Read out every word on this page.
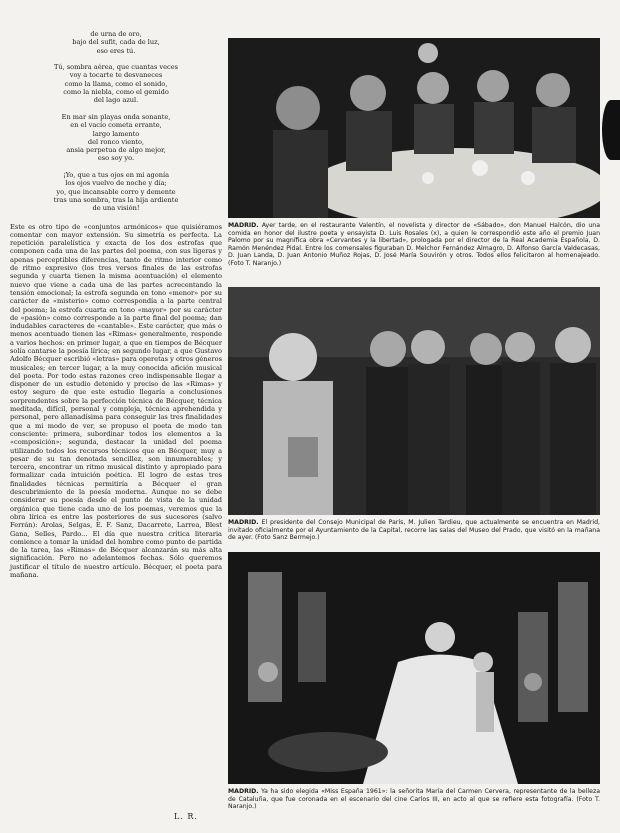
de urna de oro,
bajo del sufit, cada de luz,
eso eres tú.

Tú, sombra aérea, que cuantas veces
voy a tocarte te desvaneces
como la llama, como el sonido,
como la niebla, como el gemido
del lago azul.

En mar sin playas onda sonante,
en el vacío cometa errante,
largo lamento
del ronco viento,
ansia perpetua de algo mejor,
eso soy yo.

¡Yo, que a tus ojos en mi agonía
los ojos vuelvo de noche y día;
yo, que incansable corro y demente
tras una sombra, tras la hija ardiente
de una visión!
Este es otro tipo de «conjuntos armónicos» que quisiéramos comentar con mayor extensión. Su simetría es perfecta. La repetición paralelística y exacta de los dos estrofas que componen cada una de las partes del poema, con sus ligeras y apenas perceptibles diferencias, tanto de ritmo interior como de ritmo expresivo (los tres versos finales de las estrofas segunda y cuarta tienen la misma acentuación) el elemento nuevo que viene a cada una de las partes acrecentando la tensión emocional; la estrofa segunda en tono «menor» por su carácter de «misterio» como correspondía a la parte central del poema; la estrofa cuarta en tono «mayor» por su carácter de «pasión» como corresponde a la parte final del poema; dan indudables caracteres de «cantable». Este carácter, que más o menos acentuado tienen las «Rimas» generalmente, responde a varios hechos: en primer lugar, a que en tiempos de Bécquer solía cantarse la poesía lírica; en segundo lugar, a que Gustavo Adolfo Bécquer escribió «letras» para operetas y otros géneros musicales; en tercer lugar, a la muy conocida afición musical del poeta. Por todo estas razones creo indispensable llegar a disponer de un estudio detenido y preciso de las «Rimas» y estoy seguro de que este estudio llegaría a conclusiones sorprendentes sobre la perfección técnica de Bécquer, técnica meditada, difícil, personal y compleja, técnica aprehendida y personal, pero allanadísima para conseguir las tres finalidades que a mi modo de ver, se propuso el poeta de modo tan consciente: primera, subordinar todos los elementos a la «composición»; segunda, destacar la unidad del poema utilizando todos los recursos técnicos que en Bécquer, muy a pesar de su tan denotada sencillez, son innumerables; y tercera, encontrar un ritmo musical distinto y apropiado para formalizar cada intuición poética. El logro de estas tres finalidades técnicas permitiría a Bécquer el gran descubrimiento de la poesía moderna. Aunque no se debe considerar su poesía desde el punto de vista de la unidad orgánica que tiene cada uno de los poemas, veremos que la obra lírica es entre las posteriores de sus sucesores (salvo Ferrán): Arolas, Selgas, E. F. Sanz, Dacarrete, Larrea, Blest Gana, Selles, Pardo... El día que nuestra crítica literaria comience a tomar la unidad del hombre como punto de partida de la tarea, las «Rimas» de Bécquer alcanzarán su más alta significación. Pero no adelantemos fechas. Sólo queremos justificar el título de nuestro artículo. Bécquer, el poeta para mañana.
L. R.
MADRID. Ayer tarde, en el restaurante Valentín, el novelista y director de «Sábado», don Manuel Halcón, dio una comida en honor del ilustre poeta y ensayista D. Luis Rosales (x), a quien le correspondió este año el premio Juan Palomo por su magnífica obra «Cervantes y la libertad», prologada por el director de la Real Academia Española, D. Ramón Menéndez Pidal. Entre los comensales figuraban D. Melchor Fernández Almagro, D. Alfonso García Valdecasas, D. Juan Landa, D. Juan Antonio Muñoz Rojas, D. José María Souvirón y otros. Todos ellos felicitaron al homenajeado. (Foto T. Naranjo.)
MADRID. El presidente del Consejo Municipal de París, M. Julien Tardieu, que actualmente se encuentra en Madrid, invitado oficialmente por el Ayuntamiento de la Capital, recorre las salas del Museo del Prado, que visitó en la mañana de ayer. (Foto Sanz Bermejo.)
MADRID. Ya ha sido elegida «Miss España 1961»: la señorita María del Carmen Cervera, representante de la belleza de Cataluña, que fue coronada en el escenario del cine Carlos III, en acto al que se refiere esta fotografía. (Foto T. Naranjo.)
